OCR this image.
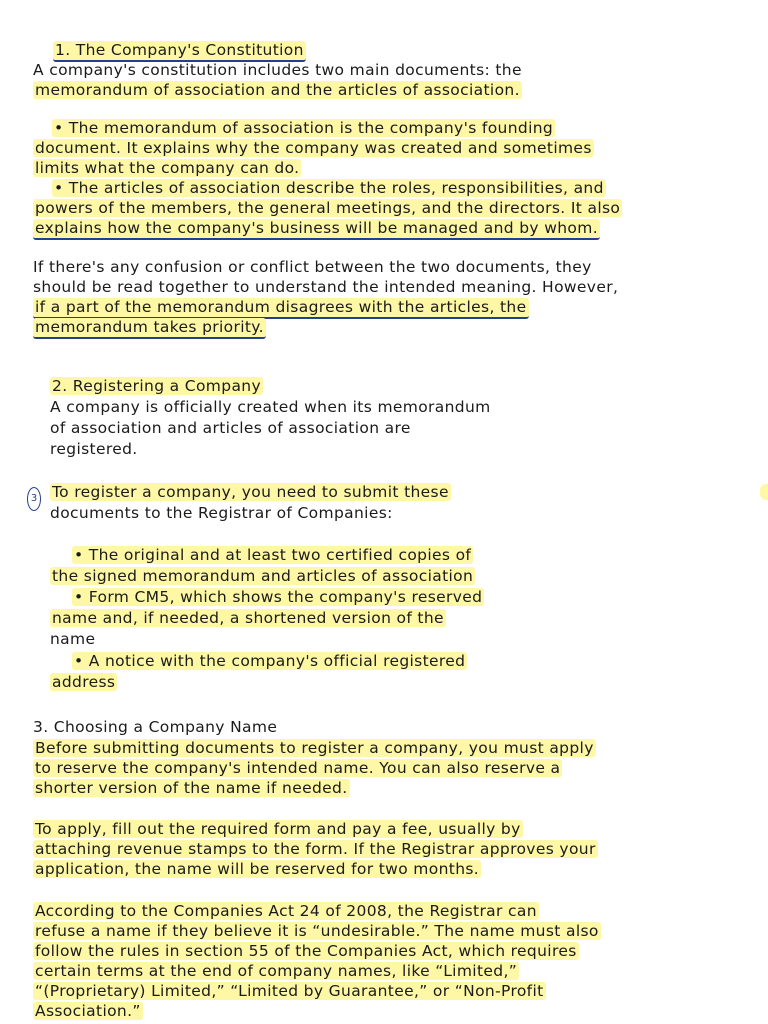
1. The Company's Constitution
A company's constitution includes two main documents: the
memorandum of association and the articles of association.
• The memorandum of association is the company's founding
document. It explains why the company was created and sometimes
limits what the company can do.
• The articles of association describe the roles, responsibilities, and
powers of the members, the general meetings, and the directors. It also
explains how the company's business will be managed and by whom.
If there's any confusion or conflict between the two documents, they
should be read together to understand the intended meaning. However,
if a part of the memorandum disagrees with the articles, the
memorandum takes priority.
2. Registering a Company
A company is officially created when its memorandum
of association and articles of association are
registered.
3 To register a company, you need to submit these
documents to the Registrar of Companies:
• The original and at least two certified copies of
the signed memorandum and articles of association
• Form CM5, which shows the company's reserved
name and, if needed, a shortened version of the
name
• A notice with the company's official registered
address
3. Choosing a Company Name
Before submitting documents to register a company, you must apply
to reserve the company's intended name. You can also reserve a
shorter version of the name if needed.
To apply, fill out the required form and pay a fee, usually by
attaching revenue stamps to the form. If the Registrar approves your
application, the name will be reserved for two months.
According to the Companies Act 24 of 2008, the Registrar can
refuse a name if they believe it is “undesirable.” The name must also
follow the rules in section 55 of the Companies Act, which requires
certain terms at the end of company names, like “Limited,”
“(Proprietary) Limited,” “Limited by Guarantee,” or “Non-Profit
Association.”
